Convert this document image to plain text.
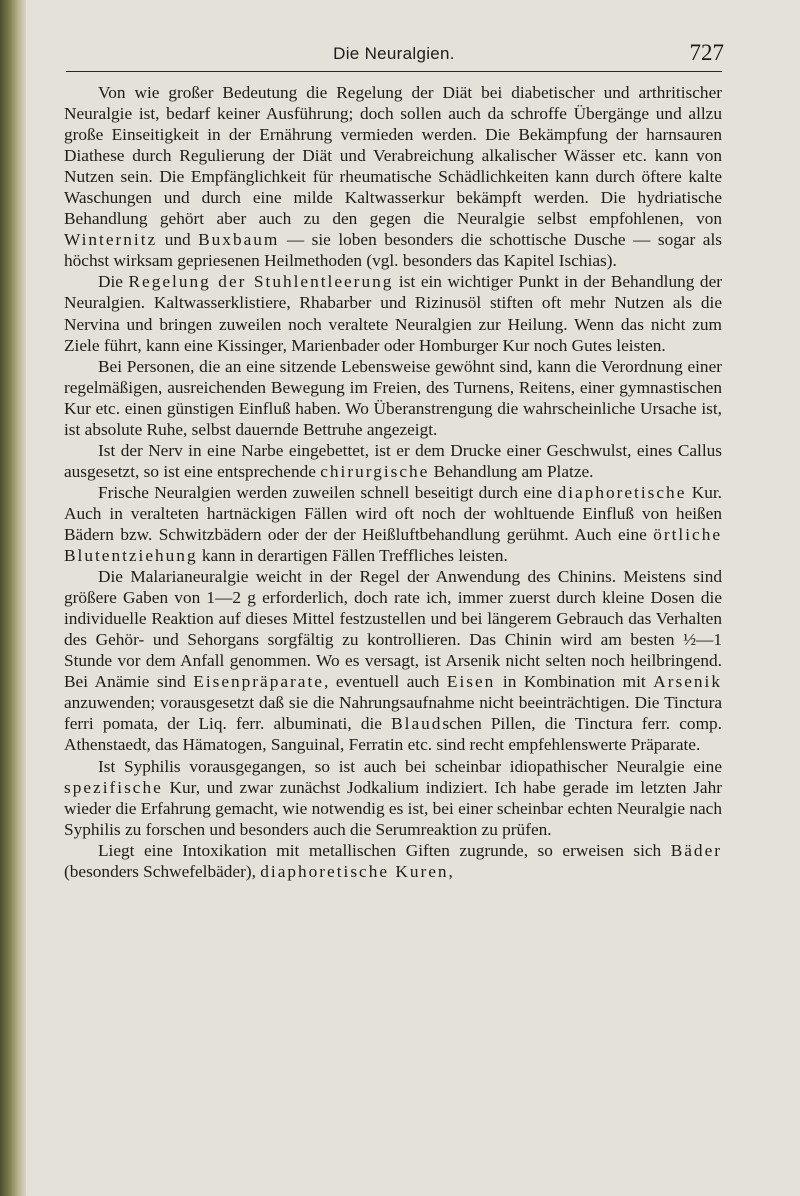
Die Neuralgien.	727

Von wie großer Bedeutung die Regelung der Diät bei diabetischer und arthritischer Neuralgie ist, bedarf keiner Ausführung; doch sollen auch da schroffe Übergänge und allzu große Einseitigkeit in der Ernährung vermieden werden. Die Bekämpfung der harnsauren Diathese durch Regulierung der Diät und Verabreichung alkalischer Wässer etc. kann von Nutzen sein. Die Empfänglichkeit für rheumatische Schädlichkeiten kann durch öftere kalte Waschungen und durch eine milde Kaltwasserkur bekämpft werden. Die hydriatische Behandlung gehört aber auch zu den gegen die Neuralgie selbst empfohlenen, von Winternitz und Buxbaum — sie loben besonders die schottische Dusche — sogar als höchst wirksam gepriesenen Heilmethoden (vgl. besonders das Kapitel Ischias).

Die Regelung der Stuhlentleerung ist ein wichtiger Punkt in der Behandlung der Neuralgien. Kaltwasserklistiere, Rhabarber und Rizinusöl stiften oft mehr Nutzen als die Nervina und bringen zuweilen noch veraltete Neuralgien zur Heilung. Wenn das nicht zum Ziele führt, kann eine Kissinger, Marienbader oder Homburger Kur noch Gutes leisten.

Bei Personen, die an eine sitzende Lebensweise gewöhnt sind, kann die Verordnung einer regelmäßigen, ausreichenden Bewegung im Freien, des Turnens, Reitens, einer gymnastischen Kur etc. einen günstigen Einfluß haben. Wo Überanstrengung die wahrscheinliche Ursache ist, ist absolute Ruhe, selbst dauernde Bettruhe angezeigt.

Ist der Nerv in eine Narbe eingebettet, ist er dem Drucke einer Geschwulst, eines Callus ausgesetzt, so ist eine entsprechende chirurgische Behandlung am Platze.

Frische Neuralgien werden zuweilen schnell beseitigt durch eine diaphoretische Kur. Auch in veralteten hartnäckigen Fällen wird oft noch der wohltuende Einfluß von heißen Bädern bzw. Schwitzbädern oder der der Heißluftbehandlung gerühmt. Auch eine örtliche Blutentziehung kann in derartigen Fällen Treffliches leisten.

Die Malarianeuralgie weicht in der Regel der Anwendung des Chinins. Meistens sind größere Gaben von 1—2 g erforderlich, doch rate ich, immer zuerst durch kleine Dosen die individuelle Reaktion auf dieses Mittel festzustellen und bei längerem Gebrauch das Verhalten des Gehör- und Sehorgans sorgfältig zu kontrollieren. Das Chinin wird am besten ½—1 Stunde vor dem Anfall genommen. Wo es versagt, ist Arsenik nicht selten noch heilbringend. Bei Anämie sind Eisenpräparate, eventuell auch Eisen in Kombination mit Arsenik anzuwenden; vorausgesetzt daß sie die Nahrungsaufnahme nicht beeinträchtigen. Die Tinctura ferri pomata, der Liq. ferr. albuminati, die Blaudschen Pillen, die Tinctura ferr. comp. Athenstaedt, das Hämatogen, Sanguinal, Ferratin etc. sind recht empfehlenswerte Präparate.

Ist Syphilis vorausgegangen, so ist auch bei scheinbar idiopathischer Neuralgie eine spezifische Kur, und zwar zunächst Jodkalium indiziert. Ich habe gerade im letzten Jahr wieder die Erfahrung gemacht, wie notwendig es ist, bei einer scheinbar echten Neuralgie nach Syphilis zu forschen und besonders auch die Serumreaktion zu prüfen.

Liegt eine Intoxikation mit metallischen Giften zugrunde, so erweisen sich Bäder (besonders Schwefelbäder), diaphoretische Kuren,
